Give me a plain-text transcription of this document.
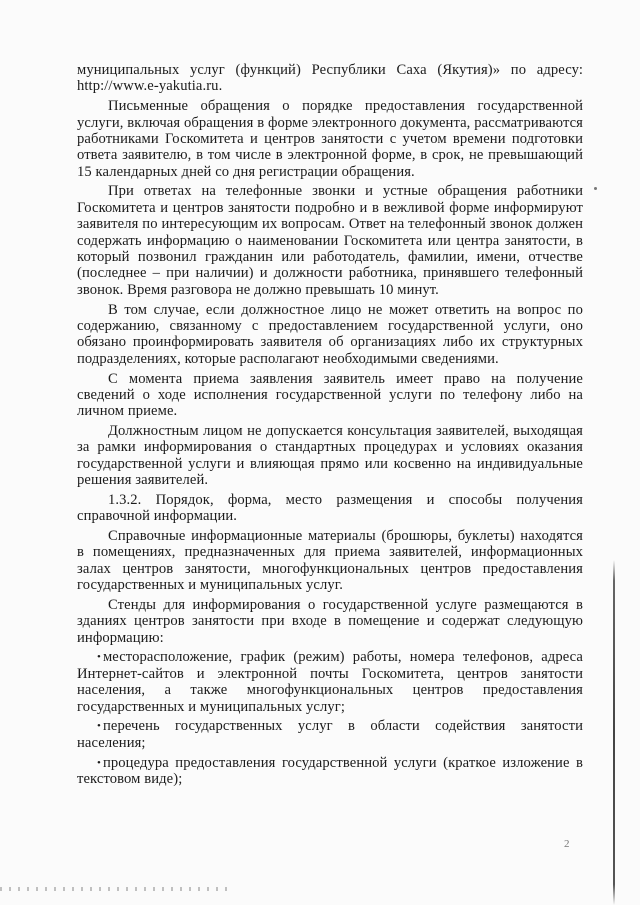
муниципальных услуг (функций) Республики Саха (Якутия)» по адресу: http://www.e-yakutia.ru.

Письменные обращения о порядке предоставления государственной услуги, включая обращения в форме электронного документа, рассматриваются работниками Госкомитета и центров занятости с учетом времени подготовки ответа заявителю, в том числе в электронной форме, в срок, не превышающий 15 календарных дней со дня регистрации обращения.

При ответах на телефонные звонки и устные обращения работники Госкомитета и центров занятости подробно и в вежливой форме информируют заявителя по интересующим их вопросам. Ответ на телефонный звонок должен содержать информацию о наименовании Госкомитета или центра занятости, в который позвонил гражданин или работодатель, фамилии, имени, отчестве (последнее – при наличии) и должности работника, принявшего телефонный звонок. Время разговора не должно превышать 10 минут.

В том случае, если должностное лицо не может ответить на вопрос по содержанию, связанному с предоставлением государственной услуги, оно обязано проинформировать заявителя об организациях либо их структурных подразделениях, которые располагают необходимыми сведениями.

С момента приема заявления заявитель имеет право на получение сведений о ходе исполнения государственной услуги по телефону либо на личном приеме.

Должностным лицом не допускается консультация заявителей, выходящая за рамки информирования о стандартных процедурах и условиях оказания государственной услуги и влияющая прямо или косвенно на индивидуальные решения заявителей.

1.3.2. Порядок, форма, место размещения и способы получения справочной информации.

Справочные информационные материалы (брошюры, буклеты) находятся в помещениях, предназначенных для приема заявителей, информационных залах центров занятости, многофункциональных центров предоставления государственных и муниципальных услуг.

Стенды для информирования о государственной услуге размещаются в зданиях центров занятости при входе в помещение и содержат следующую информацию:

• месторасположение, график (режим) работы, номера телефонов, адреса Интернет-сайтов и электронной почты Госкомитета, центров занятости населения, а также многофункциональных центров предоставления государственных и муниципальных услуг;

• перечень государственных услуг в области содействия занятости населения;

• процедура предоставления государственной услуги (краткое изложение в текстовом виде);

2
